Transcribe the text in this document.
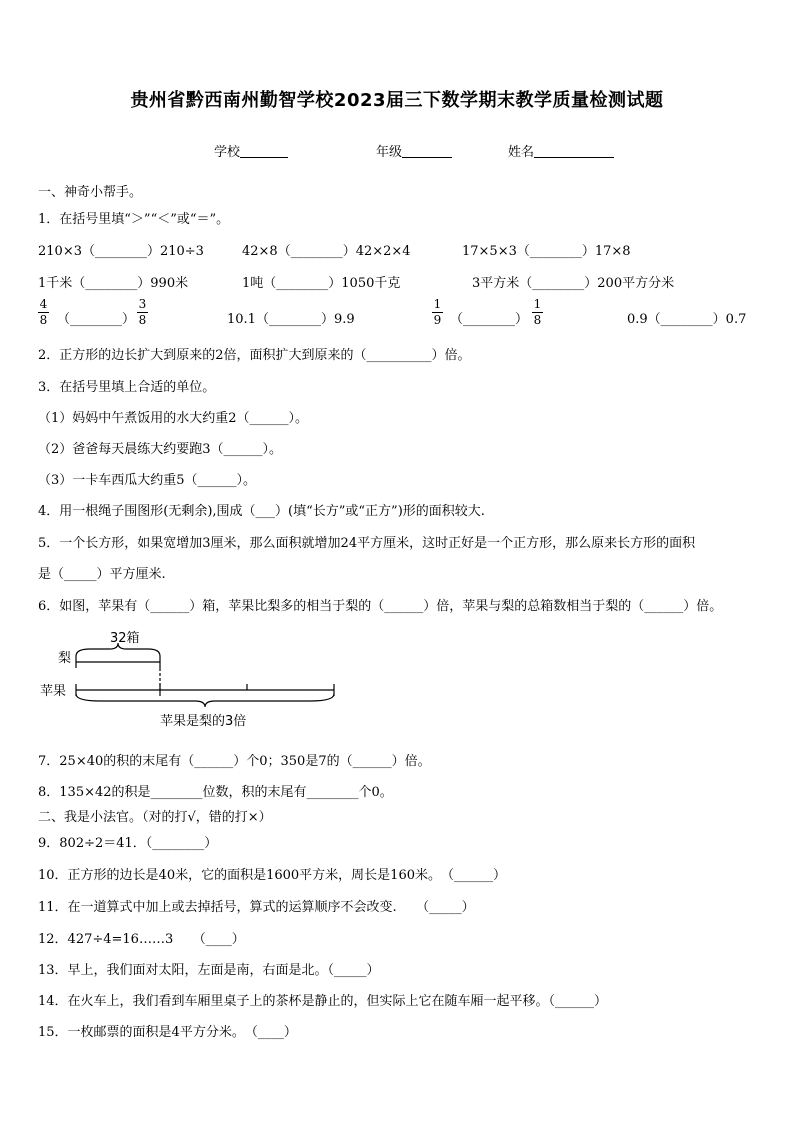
贵州省黔西南州勤智学校2023届三下数学期末教学质量检测试题
学校	年级	姓名
一、神奇小帮手。
1．在括号里填“＞”“＜”或“＝”。
210×3（________）210÷3	42×8（________）42×2×4	17×5×3（________）17×8
1千米（________）990米	1吨（________）1050千克	3平方米（________）200平方分米
4
8 （________）
3
8	10.1（________）9.9
1
9 （________）
1
8	0.9（________）0.7
2．正方形的边长扩大到原来的2倍，面积扩大到原来的（__________）倍。
3．在括号里填上合适的单位。
（1）妈妈中午煮饭用的水大约重2（______）。
（2）爸爸每天晨练大约要跑3（______）。
（3）一卡车西瓜大约重5（______）。
4．用一根绳子围图形(无剩余),围成（___）(填“长方”或“正方”)形的面积较大.
5．一个长方形，如果宽增加3厘米，那么面积就增加24平方厘米，这时正好是一个正方形，那么原来长方形的面积
是（_____）平方厘米.
6．如图，苹果有（______）箱，苹果比梨多的相当于梨的（______）倍，苹果与梨的总箱数相当于梨的（______）倍。
32箱
梨
苹果
苹果是梨的3倍
7．25×40的积的末尾有（______）个0；350是7的（______）倍。
8．135×42的积是________位数，积的末尾有________个0。
二、我是小法官。（对的打√，错的打×）
9．802÷2＝41．（________）
10．正方形的边长是40米，它的面积是1600平方米，周长是160米。　（______）
11．在一道算式中加上或去掉括号，算式的运算顺序不会改变.　　（_____）
12．427÷4=16……3　　（____）
13．早上，我们面对太阳，左面是南，右面是北。（_____）
14．在火车上，我们看到车厢里桌子上的茶杯是静止的，但实际上它在随车厢一起平移。（______）
15．一枚邮票的面积是4平方分米。　（____）
